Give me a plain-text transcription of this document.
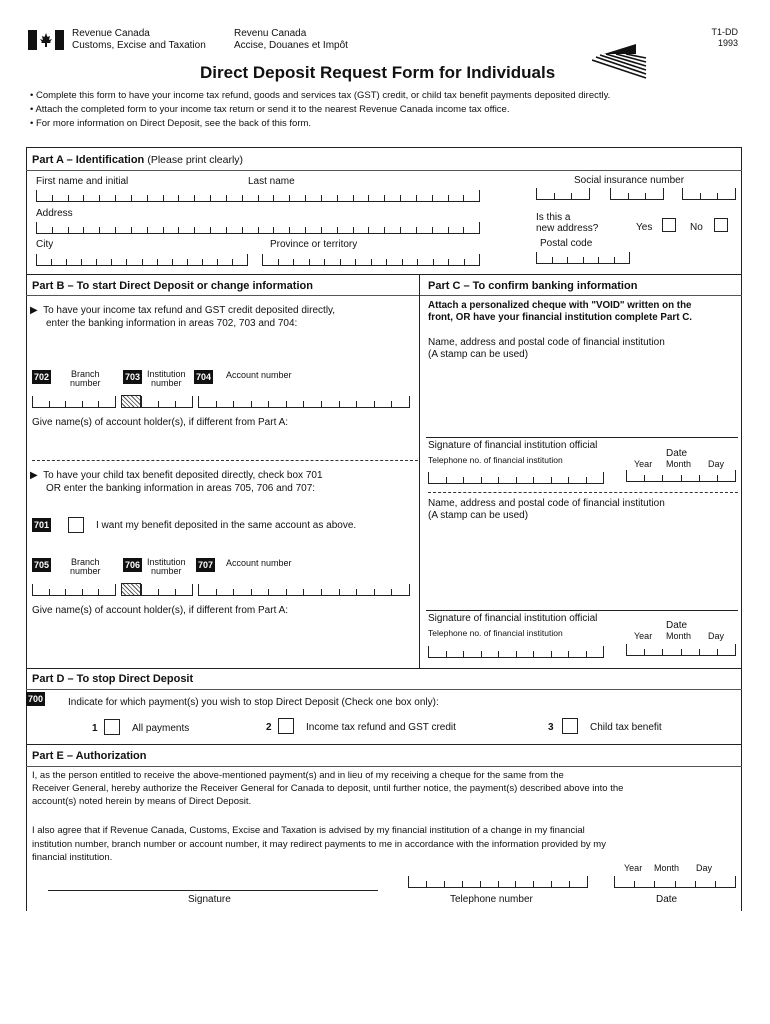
Revenue Canada
Customs, Excise and Taxation
Revenu Canada
Accise, Douanes et Impôt
T1-DD
1993
Direct Deposit Request Form for Individuals
• Complete this form to have your income tax refund, goods and services tax (GST) credit, or child tax benefit payments deposited directly.
• Attach the completed form to your income tax return or send it to the nearest Revenue Canada income tax office.
• For more information on Direct Deposit, see the back of this form.
Part A – Identification (Please print clearly)
First name and initial	Last name	Social insurance number
Address	Is this a
new address?	Yes	No
City	Province or territory	Postal code
Part B – To start Direct Deposit or change information
▶  To have your income tax refund and GST credit deposited directly,
enter the banking information in areas 702, 703 and 704:
702 Branch
number
703 Institution
number
704 Account number
Give name(s) of account holder(s), if different from Part A:
▶  To have your child tax benefit deposited directly, check box 701
OR enter the banking information in areas 705, 706 and 707:
701	I want my benefit deposited in the same account as above.
705 Branch
number
706 Institution
number
707 Account number
Give name(s) of account holder(s), if different from Part A:
Part C – To confirm banking information
Attach a personalized cheque with "VOID" written on the
front, OR have your financial institution complete Part C.
Name, address and postal code of financial institution
(A stamp can be used)
Signature of financial institution official
Telephone no. of financial institution
Date
Year Month Day
Name, address and postal code of financial institution
(A stamp can be used)
Signature of financial institution official
Telephone no. of financial institution
Date
Year Month Day
Part D – To stop Direct Deposit
700 Indicate for which payment(s) you wish to stop Direct Deposit (Check one box only):
1	All payments	2	Income tax refund and GST credit	3	Child tax benefit
Part E – Authorization
I, as the person entitled to receive the above-mentioned payment(s) and in lieu of my receiving a cheque for the same from the
Receiver General, hereby authorize the Receiver General for Canada to deposit, until further notice, the payment(s) described above into the
account(s) noted herein by means of Direct Deposit.
I also agree that if Revenue Canada, Customs, Excise and Taxation is advised by my financial institution of a change in my financial
institution number, branch number or account number, it may redirect payments to me in accordance with the information provided by my
financial institution.
Signature	Telephone number
Year Month Day
Date
